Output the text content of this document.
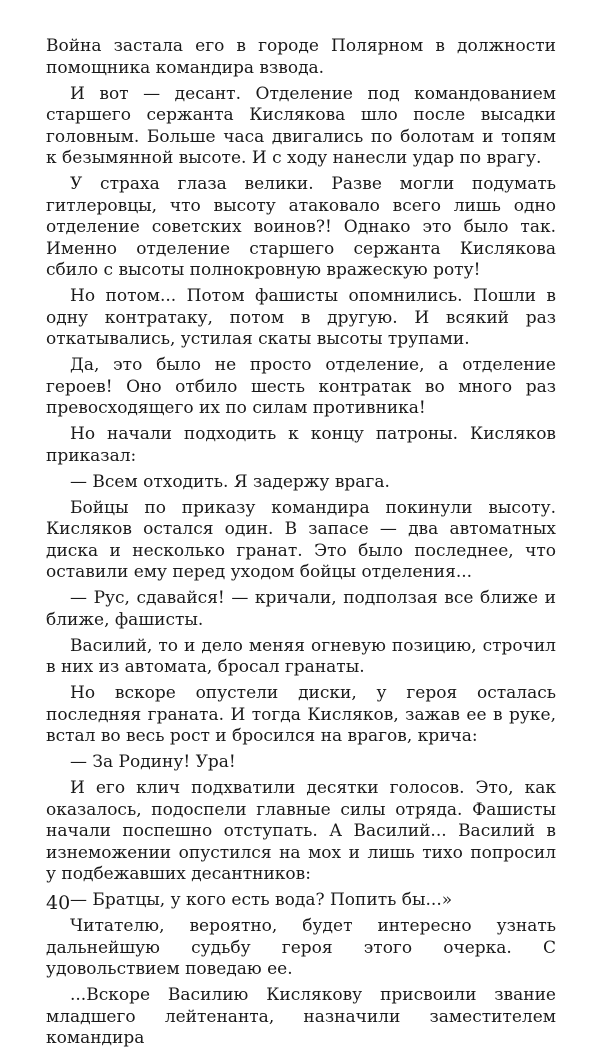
Война застала его в городе Полярном в должности помощника командира взвода.

И вот — десант. Отделение под командованием старшего сержанта Кислякова шло после высадки головным. Больше часа двигались по болотам и топям к безымянной высоте. И с ходу нанесли удар по врагу.

У страха глаза велики. Разве могли подумать гитлеровцы, что высоту атаковало всего лишь одно отделение советских воинов?! Однако это было так. Именно отделение старшего сержанта Кислякова сбило с высоты полнокровную вражескую роту!

Но потом... Потом фашисты опомнились. Пошли в одну контратаку, потом в другую. И всякий раз откатывались, устилая скаты высоты трупами.

Да, это было не просто отделение, а отделение героев! Оно отбило шесть контратак во много раз превосходящего их по силам противника!

Но начали подходить к концу патроны. Кисляков приказал:

— Всем отходить. Я задержу врага.

Бойцы по приказу командира покинули высоту. Кисляков остался один. В запасе — два автоматных диска и несколько гранат. Это было последнее, что оставили ему перед уходом бойцы отделения...

— Рус, сдавайся! — кричали, подползая все ближе и ближе, фашисты.

Василий, то и дело меняя огневую позицию, строчил в них из автомата, бросал гранаты.

Но вскоре опустели диски, у героя осталась последняя граната. И тогда Кисляков, зажав ее в руке, встал во весь рост и бросился на врагов, крича:

— За Родину! Ура!

И его клич подхватили десятки голосов. Это, как оказалось, подоспели главные силы отряда. Фашисты начали поспешно отступать. А Василий... Василий в изнеможении опустился на мох и лишь тихо попросил у подбежавших десантников:

— Братцы, у кого есть вода? Попить бы...»

Читателю, вероятно, будет интересно узнать дальнейшую судьбу героя этого очерка. С удовольствием поведаю ее.

...Вскоре Василию Кислякову присвоили звание младшего лейтенанта, назначили заместителем командира

40
